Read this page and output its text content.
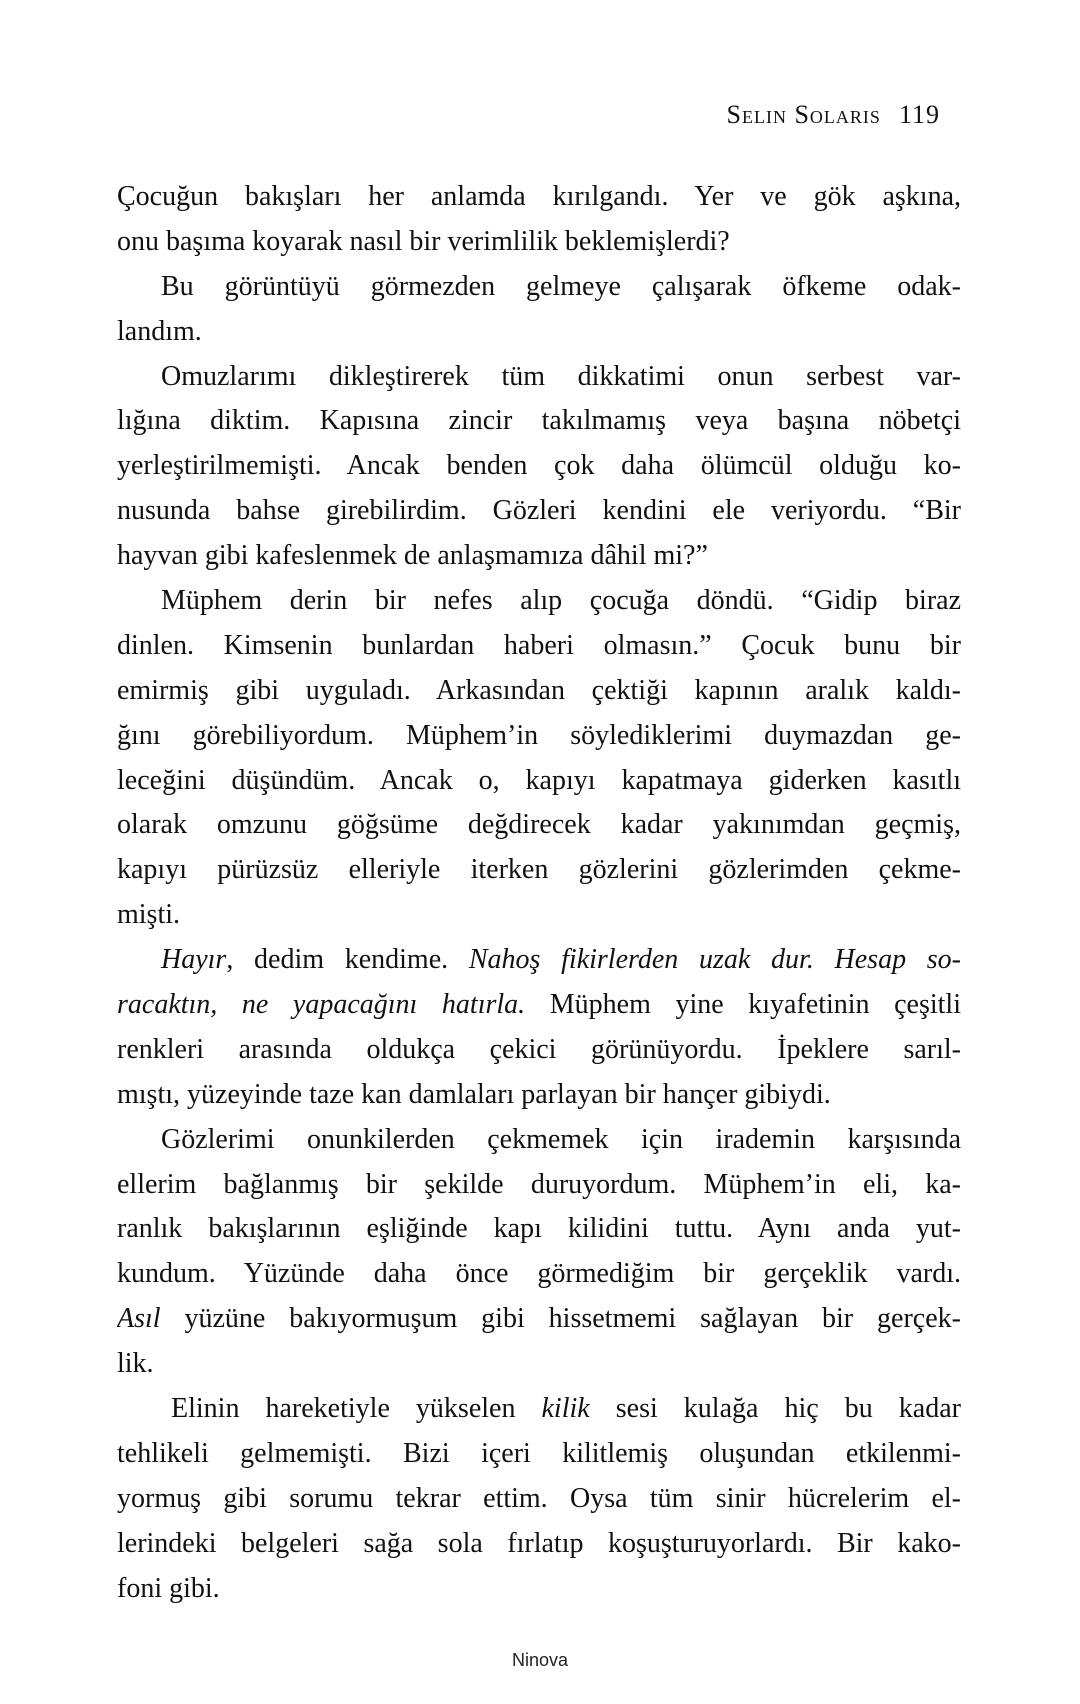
Selin Solaris 119
Çocuğun bakışları her anlamda kırılgandı. Yer ve gök aşkına,
onu başıma koyarak nasıl bir verimlilik beklemişlerdi?
Bu görüntüyü görmezden gelmeye çalışarak öfkeme odak-
landım.
Omuzlarımı dikleştirerek tüm dikkatimi onun serbest var-
lığına diktim. Kapısına zincir takılmamış veya başına nöbetçi
yerleştirilmemişti. Ancak benden çok daha ölümcül olduğu ko-
nusunda bahse girebilirdim. Gözleri kendini ele veriyordu. “Bir
hayvan gibi kafeslenmek de anlaşmamıza dâhil mi?”
Müphem derin bir nefes alıp çocuğa döndü. “Gidip biraz
dinlen. Kimsenin bunlardan haberi olmasın.” Çocuk bunu bir
emirmiş gibi uyguladı. Arkasından çektiği kapının aralık kaldı-
ğını görebiliyordum. Müphem’in söylediklerimi duymazdan ge-
leceğini düşündüm. Ancak o, kapıyı kapatmaya giderken kasıtlı
olarak omzunu göğsüme değdirecek kadar yakınımdan geçmiş,
kapıyı pürüzsüz elleriyle iterken gözlerini gözlerimden çekme-
mişti.
Hayır, dedim kendime. Nahoş fikirlerden uzak dur. Hesap so-
racaktın, ne yapacağını hatırla. Müphem yine kıyafetinin çeşitli
renkleri arasında oldukça çekici görünüyordu. İpeklere sarıl-
mıştı, yüzeyinde taze kan damlaları parlayan bir hançer gibiydi.
Gözlerimi onunkilerden çekmemek için irademin karşısında
ellerim bağlanmış bir şekilde duruyordum. Müphem’in eli, ka-
ranlık bakışlarının eşliğinde kapı kilidini tuttu. Aynı anda yut-
kundum. Yüzünde daha önce görmediğim bir gerçeklik vardı.
Asıl yüzüne bakıyormuşum gibi hissetmemi sağlayan bir gerçek-
lik.
Elinin hareketiyle yükselen kilik sesi kulağa hiç bu kadar
tehlikeli gelmemişti. Bizi içeri kilitlemiş oluşundan etkilenmi-
yormuş gibi sorumu tekrar ettim. Oysa tüm sinir hücrelerim el-
lerindeki belgeleri sağa sola fırlatıp koşuşturuyorlardı. Bir kako-
foni gibi.
Ninova
